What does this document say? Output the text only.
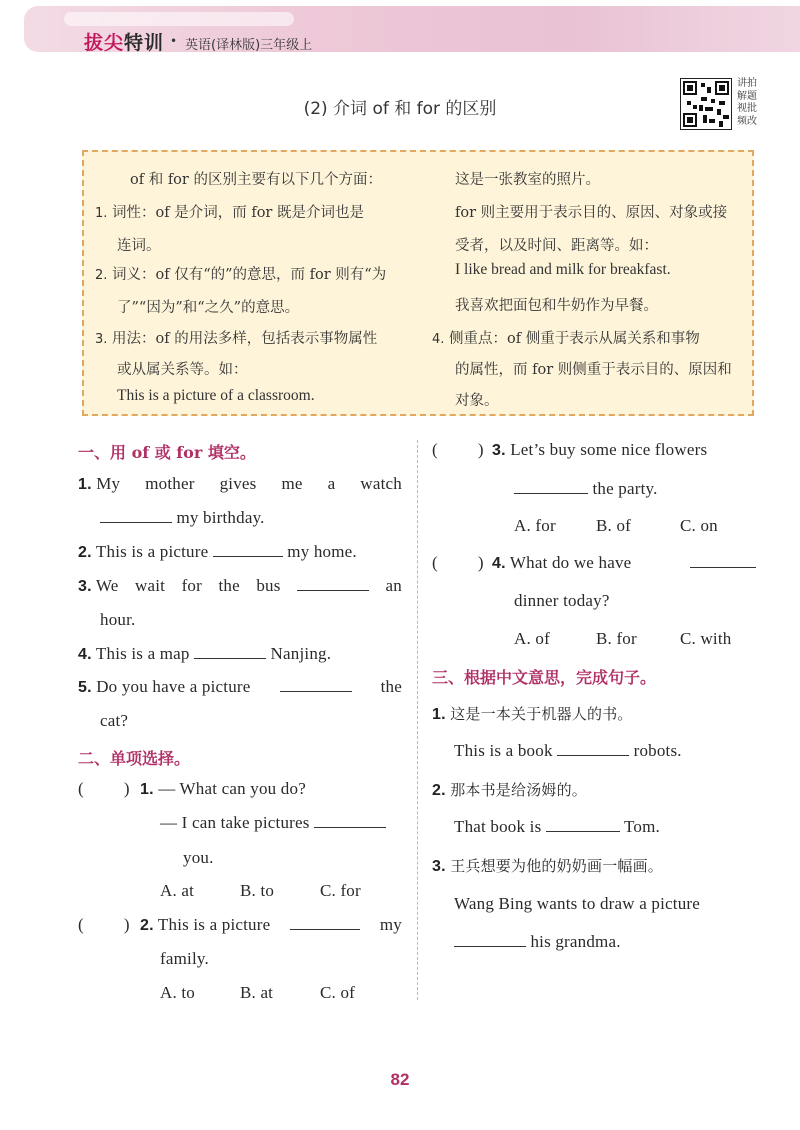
拔尖特训 • 英语(译林版)三年级上
(2) 介词 of 和 for 的区别
讲拍
解题
视批
频改
of 和 for 的区别主要有以下几个方面：
1. 词性：of 是介词，而 for 既是介词也是
连词。
2. 词义：of 仅有“的”的意思，而 for 则有“为
了”“因为”和“之久”的意思。
3. 用法：of 的用法多样，包括表示事物属性
或从属关系等。如：
This is a picture of a classroom.
这是一张教室的照片。
for 则主要用于表示目的、原因、对象或接
受者，以及时间、距离等。如：
I like bread and milk for breakfast.
我喜欢把面包和牛奶作为早餐。
4. 侧重点：of 侧重于表示从属关系和事物
的属性，而 for 则侧重于表示目的、原因和
对象。
一、用 of 或 for 填空。
1. My mother gives me a watch
my birthday.
2. This is a picture	my home.
3. We wait for the bus	an
hour.
4. This is a map	Nanjing.
5. Do you have a picture	the
cat?
二、单项选择。
( ) 1. — What can you do?
— I can take pictures
you.
A. at	B. to	C. for
( ) 2. This is a picture	my
family.
A. to	B. at	C. of
( ) 3. Let’s buy some nice flowers
the party.
A. for B. of	C. on
( ) 4. What do we have
dinner today?
A. of	B. for	C. with
三、根据中文意思，完成句子。
1. 这是一本关于机器人的书。
This is a book	robots.
2. 那本书是给汤姆的。
That book is	Tom.
3. 王兵想要为他的奶奶画一幅画。
Wang Bing wants to draw a picture
his grandma.
82
